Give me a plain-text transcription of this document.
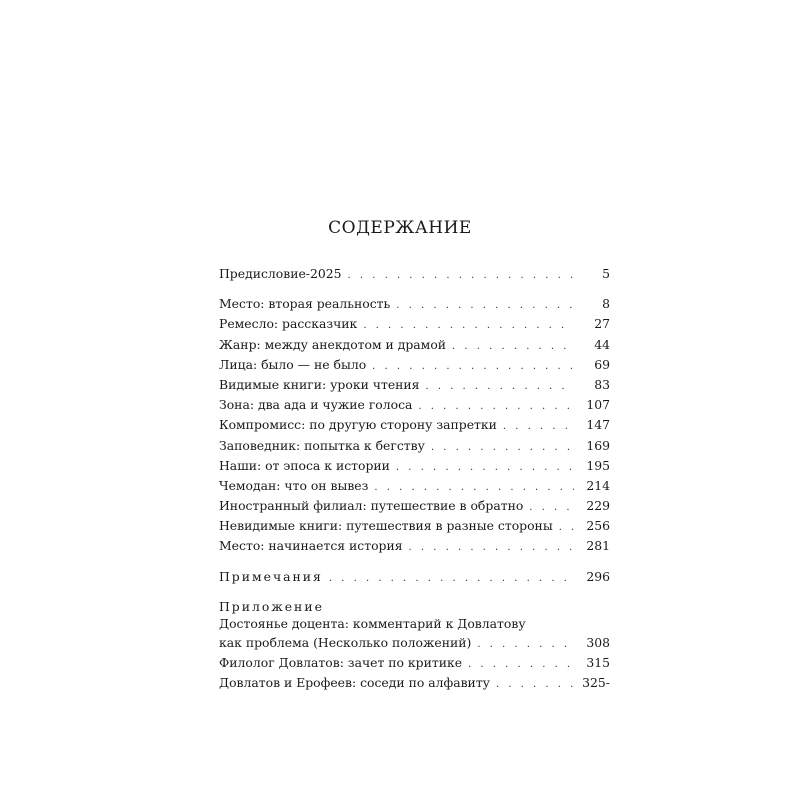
СОДЕРЖАНИЕ
Предисловие-2025 . . .	5
Место: вторая реальность . . .	8
Ремесло: рассказчик . . .	27
Жанр: между анекдотом и драмой . . .	44
Лица: было — не было . . .	69
Видимые книги: уроки чтения . . .	83
Зона: два ада и чужие голоса . . .	107
Компромисс: по другую сторону запретки . . .	147
Заповедник: попытка к бегству . . .	169
Наши: от эпоса к истории . . .	195
Чемодан: что он вывез . . .	214
Иностранный филиал: путешествие в обратно . . .	229
Невидимые книги: путешествия в разные стороны . . .	256
Место: начинается история . . .	281
Примечания . . .	296
Приложение
Достоянье доцента: комментарий к Довлатову
как проблема (Несколько положений) . . .	308
Филолог Довлатов: зачет по критике . . .	315
Довлатов и Ерофеев: соседи по алфавиту . . .	325-
